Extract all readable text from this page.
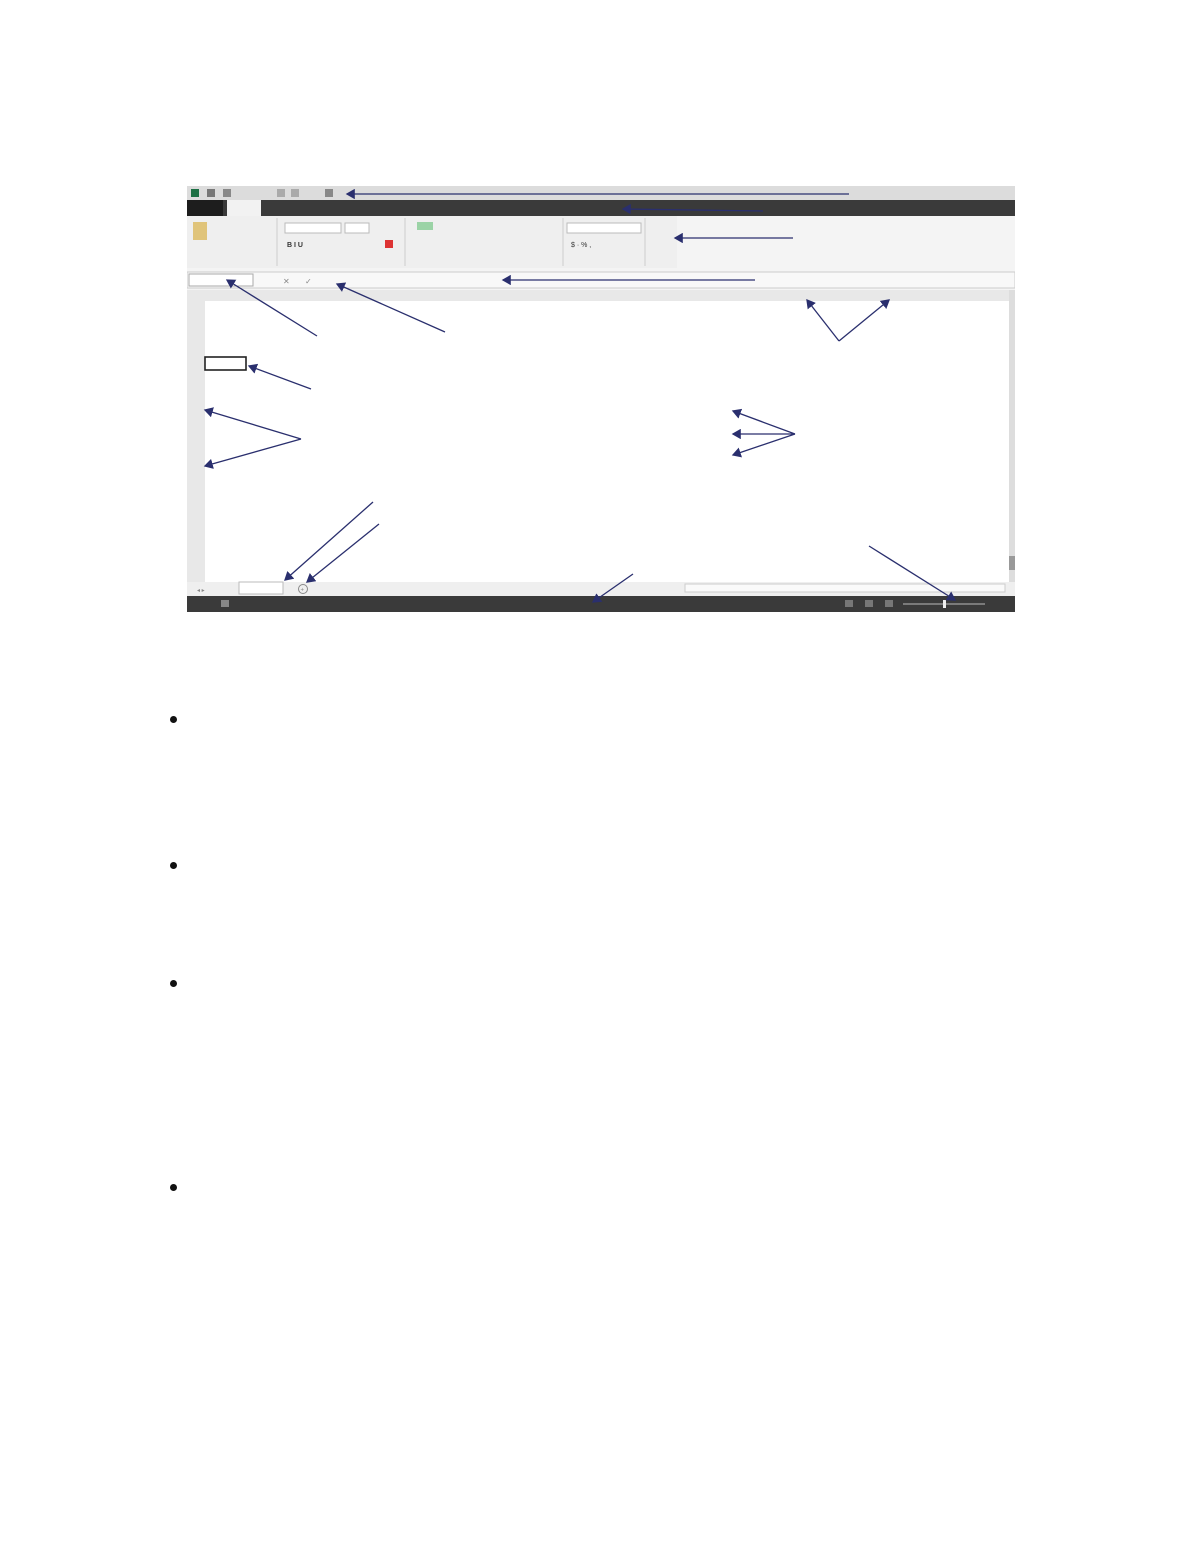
B I U	$ · % ,
✕ ✓
◂ ▸	+
